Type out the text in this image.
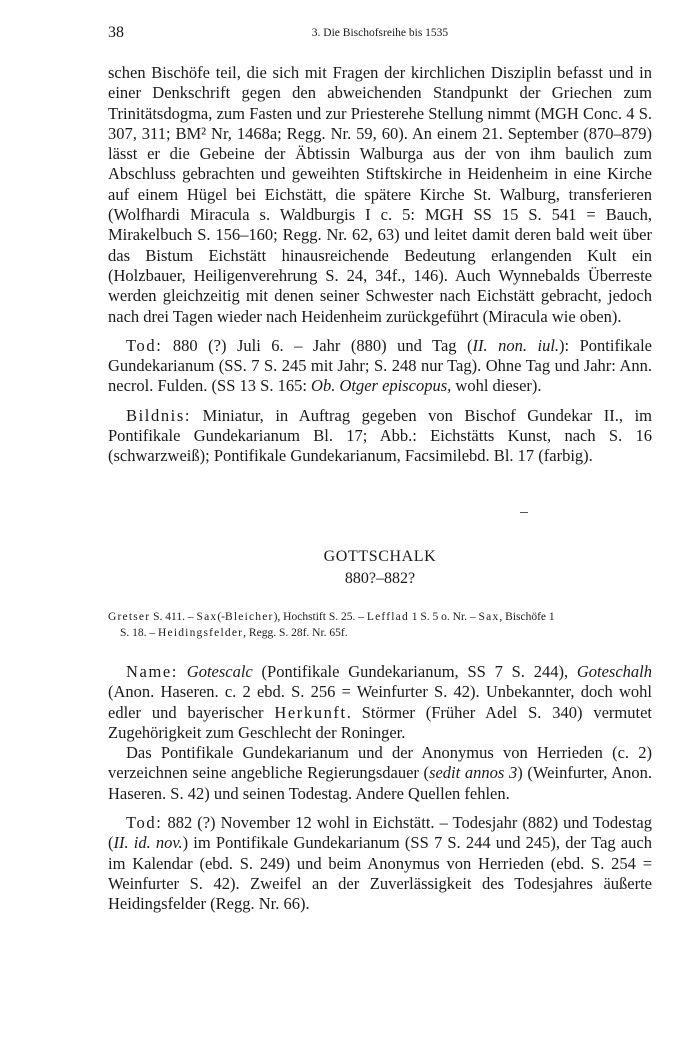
38	3. Die Bischofsreihe bis 1535

schen Bischöfe teil, die sich mit Fragen der kirchlichen Disziplin befasst und in einer Denkschrift gegen den abweichenden Standpunkt der Griechen zum Trinitätsdogma, zum Fasten und zur Priesterehe Stellung nimmt (MGH Conc. 4 S. 307, 311; BM² Nr, 1468a; Regg. Nr. 59, 60). An einem 21. September (870–879) lässt er die Gebeine der Äbtissin Walburga aus der von ihm baulich zum Abschluss gebrachten und geweihten Stiftskirche in Heidenheim in eine Kirche auf einem Hügel bei Eichstätt, die spätere Kirche St. Walburg, transferieren (Wolfhardi Miracula s. Waldburgis I c. 5: MGH SS 15 S. 541 = Bauch, Mirakelbuch S. 156–160; Regg. Nr. 62, 63) und leitet damit deren bald weit über das Bistum Eichstätt hinausreichende Bedeutung erlangenden Kult ein (Holzbauer, Heiligenverehrung S. 24, 34f., 146). Auch Wynnebalds Überreste werden gleichzeitig mit denen seiner Schwester nach Eichstätt gebracht, jedoch nach drei Tagen wieder nach Heidenheim zurückgeführt (Miracula wie oben).

Tod: 880 (?) Juli 6. – Jahr (880) und Tag (II. non. iul.): Pontifikale Gundekarianum (SS. 7 S. 245 mit Jahr; S. 248 nur Tag). Ohne Tag und Jahr: Ann. necrol. Fulden. (SS 13 S. 165: Ob. Otger episcopus, wohl dieser).

Bildnis: Miniatur, in Auftrag gegeben von Bischof Gundekar II., im Pontifikale Gundekarianum Bl. 17; Abb.: Eichstätts Kunst, nach S. 16 (schwarzweiß); Pontifikale Gundekarianum, Facsimilebd. Bl. 17 (farbig).

GOTTSCHALK
880?–882?
Gretser S. 411. – Sax(-Bleicher), Hochstift S. 25. – Lefflad 1 S. 5 o. Nr. – Sax, Bischöfe 1
S. 18. – Heidingsfelder, Regg. S. 28f. Nr. 65f.

Name: Gotescalc (Pontifikale Gundekarianum, SS 7 S. 244), Goteschalh (Anon. Haseren. c. 2 ebd. S. 256 = Weinfurter S. 42). Unbekannter, doch wohl edler und bayerischer Herkunft. Störmer (Früher Adel S. 340) vermutet Zugehörigkeit zum Geschlecht der Roninger.

Das Pontifikale Gundekarianum und der Anonymus von Herrieden (c. 2) verzeichnen seine angebliche Regierungsdauer (sedit annos 3) (Weinfurter, Anon. Haseren. S. 42) und seinen Todestag. Andere Quellen fehlen.

Tod: 882 (?) November 12 wohl in Eichstätt. – Todesjahr (882) und Todestag (II. id. nov.) im Pontifikale Gundekarianum (SS 7 S. 244 und 245), der Tag auch im Kalendar (ebd. S. 249) und beim Anonymus von Herrieden (ebd. S. 254 = Weinfurter S. 42). Zweifel an der Zuverlässigkeit des Todesjahres äußerte Heidingsfelder (Regg. Nr. 66).
